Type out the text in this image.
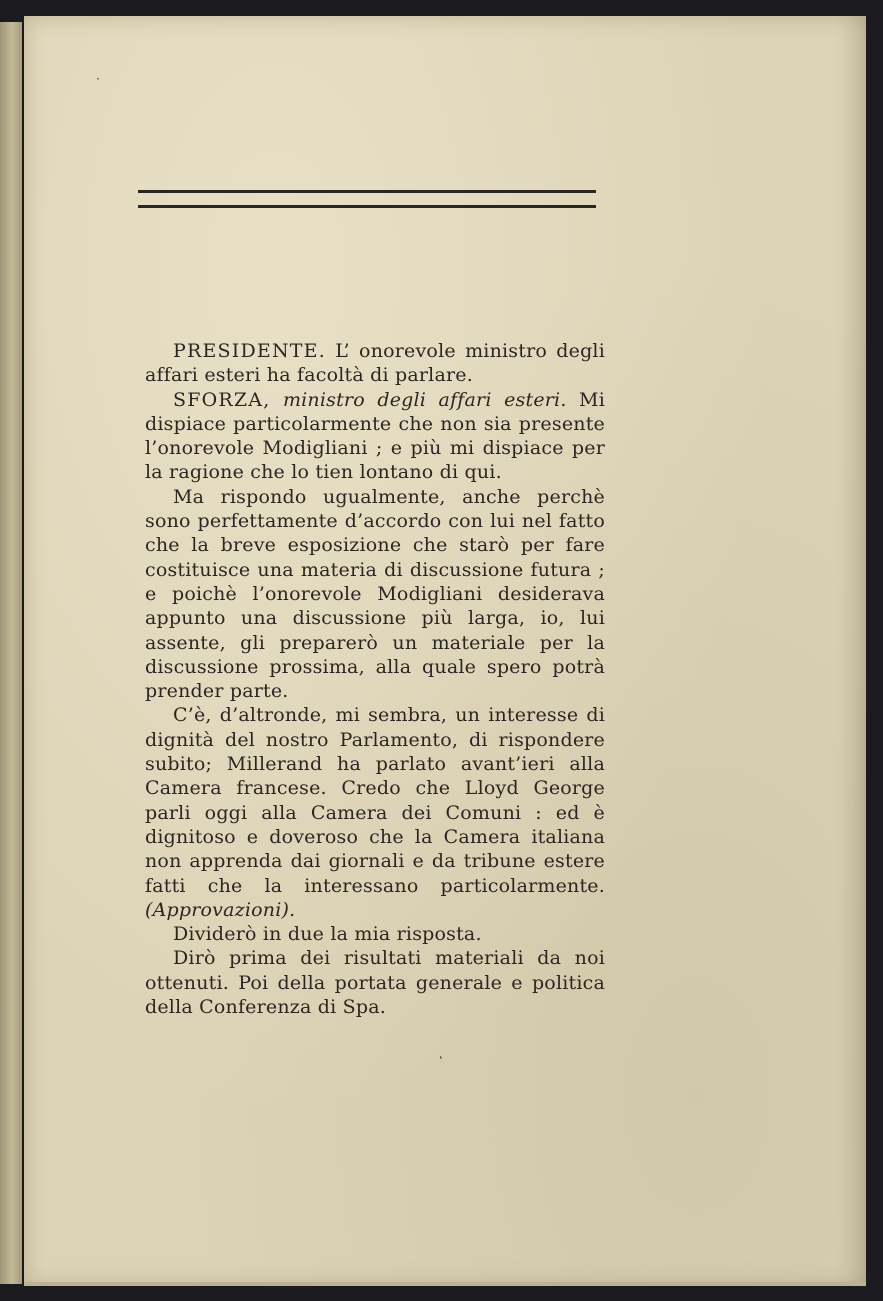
PRESIDENTE. L’ onorevole ministro degli affari esteri ha facoltà di parlare.

SFORZA, ministro degli affari esteri. Mi dispiace particolarmente che non sia presente l’onorevole Modigliani ; e più mi dispiace per la ragione che lo tien lontano di qui.

Ma rispondo ugualmente, anche perchè sono perfettamente d’accordo con lui nel fatto che la breve esposizione che starò per fare costituisce una materia di discussione futura ; e poichè l’onorevole Modigliani desiderava appunto una discussione più larga, io, lui assente, gli preparerò un materiale per la discussione prossima, alla quale spero potrà prender parte.

C’è, d’altronde, mi sembra, un interesse di dignità del nostro Parlamento, di rispondere subito; Millerand ha parlato avant’ieri alla Camera francese. Credo che Lloyd George parli oggi alla Camera dei Comuni : ed è dignitoso e doveroso che la Camera italiana non apprenda dai giornali e da tribune estere fatti che la interessano particolarmente. (Approvazioni).

Dividerò in due la mia risposta.

Dirò prima dei risultati materiali da noi ottenuti. Poi della portata generale e politica della Conferenza di Spa.

·
˛
